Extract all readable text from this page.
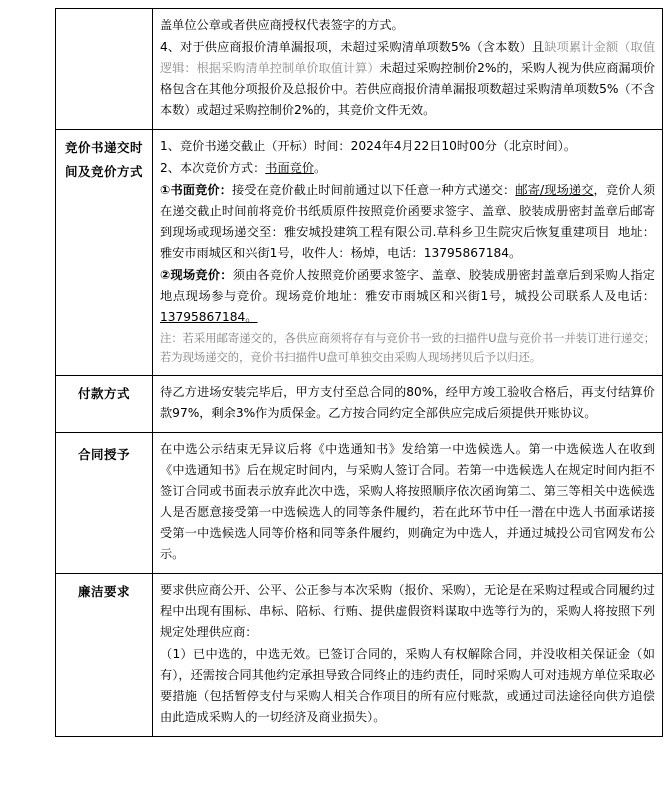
	盖单位公章或者供应商授权代表签字的方式。

4、对于供应商报价清单漏报项，未超过采购清单项数5%（含本数）且缺项累计金额（取值逻辑：根据采购清单控制单价取值计算）未超过采购控制价2%的，采购人视为供应商漏项价格包含在其他分项报价及总报价中。若供应商报价清单漏报项数超过采购清单项数5%（不含本数）或超过采购控制价2%的，其竞价文件无效。

竞价书递交时间及竞价方式	1、竞价书递交截止（开标）时间：2024年4月22日10时00分（北京时间）。

2、本次竞价方式：书面竞价。

①书面竞价：接受在竞价截止时间前通过以下任意一种方式递交：邮寄/现场递交，竞价人须在递交截止时间前将竞价书纸质原件按照竞价函要求签字、盖章、胶装成册密封盖章后邮寄到现场或现场递交至：雅安城投建筑工程有限公司.草科乡卫生院灾后恢复重建项目  地址：雅安市雨城区和兴街1号，收件人：杨焯，电话：13795867184。

②现场竞价：须由各竞价人按照竞价函要求签字、盖章、胶装成册密封盖章后到采购人指定地点现场参与竞价。现场竞价地址：雅安市雨城区和兴街1号，城投公司联系人及电话：13795867184。

注：若采用邮寄递交的，各供应商须将存有与竞价书一致的扫描件U盘与竞价书一并装订进行递交；若为现场递交的，竞价书扫描件U盘可单独交由采购人现场拷贝后予以归还。

付款方式	待乙方进场安装完毕后，甲方支付至总合同的80%，经甲方竣工验收合格后，再支付结算价款97%，剩余3%作为质保金。乙方按合同约定全部供应完成后须提供开账协议。

合同授予	在中选公示结束无异议后将《中选通知书》发给第一中选候选人。第一中选候选人在收到《中选通知书》后在规定时间内，与采购人签订合同。若第一中选候选人在规定时间内拒不签订合同或书面表示放弃此次中选，采购人将按照顺序依次函询第二、第三等相关中选候选人是否愿意接受第一中选候选人的同等条件履约，若在此环节中任一潜在中选人书面承诺接受第一中选候选人同等价格和同等条件履约，则确定为中选人，并通过城投公司官网发布公示。

廉洁要求	要求供应商公开、公平、公正参与本次采购（报价、采购），无论是在采购过程或合同履约过程中出现有围标、串标、陪标、行贿、提供虚假资料谋取中选等行为的，采购人将按照下列规定处理供应商：

（1）已中选的，中选无效。已签订合同的，采购人有权解除合同，并没收相关保证金（如有），还需按合同其他约定承担导致合同终止的违约责任，同时采购人可对违规方单位采取必要措施（包括暂停支付与采购人相关合作项目的所有应付账款，或通过司法途径向供方追偿由此造成采购人的一切经济及商业损失）。
